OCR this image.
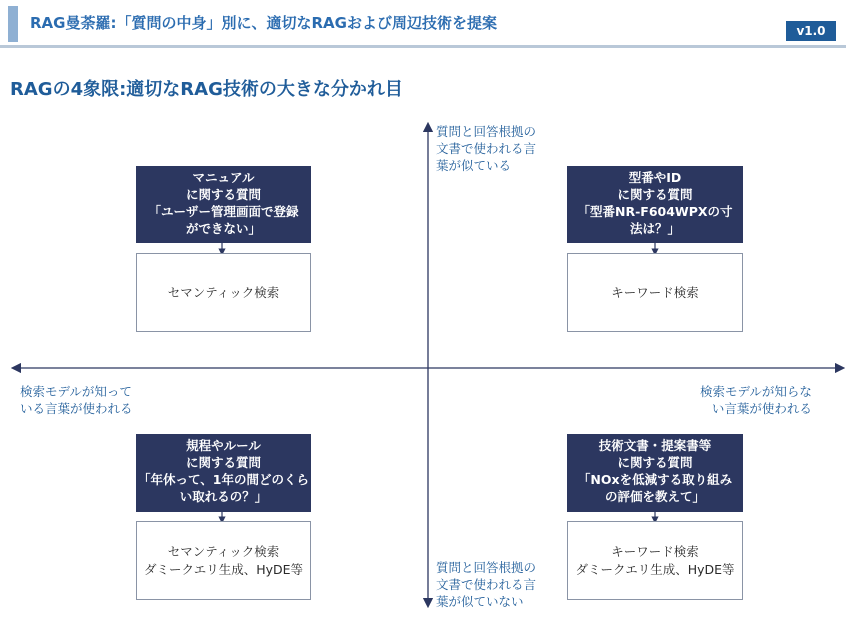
RAG曼荼羅:「質問の中身」別に、適切なRAGおよび周辺技術を提案	v1.0
RAGの4象限:適切なRAG技術の大きな分かれ目
質問と回答根拠の
文書で使われる言
葉が似ている
質問と回答根拠の
文書で使われる言
葉が似ていない
検索モデルが知って
いる言葉が使われる
検索モデルが知らな
い言葉が使われる
マニュアル
に関する質問
「ユーザー管理画面で登録
ができない」
セマンティック検索
型番やID
に関する質問
「型番NR-F604WPXの寸
法は？」
キーワード検索
規程やルール
に関する質問
「年休って、1年の間どのくら
い取れるの？」
セマンティック検索
ダミークエリ生成、HyDE等
技術文書・提案書等
に関する質問
「NOxを低減する取り組み
の評価を教えて」
キーワード検索
ダミークエリ生成、HyDE等
